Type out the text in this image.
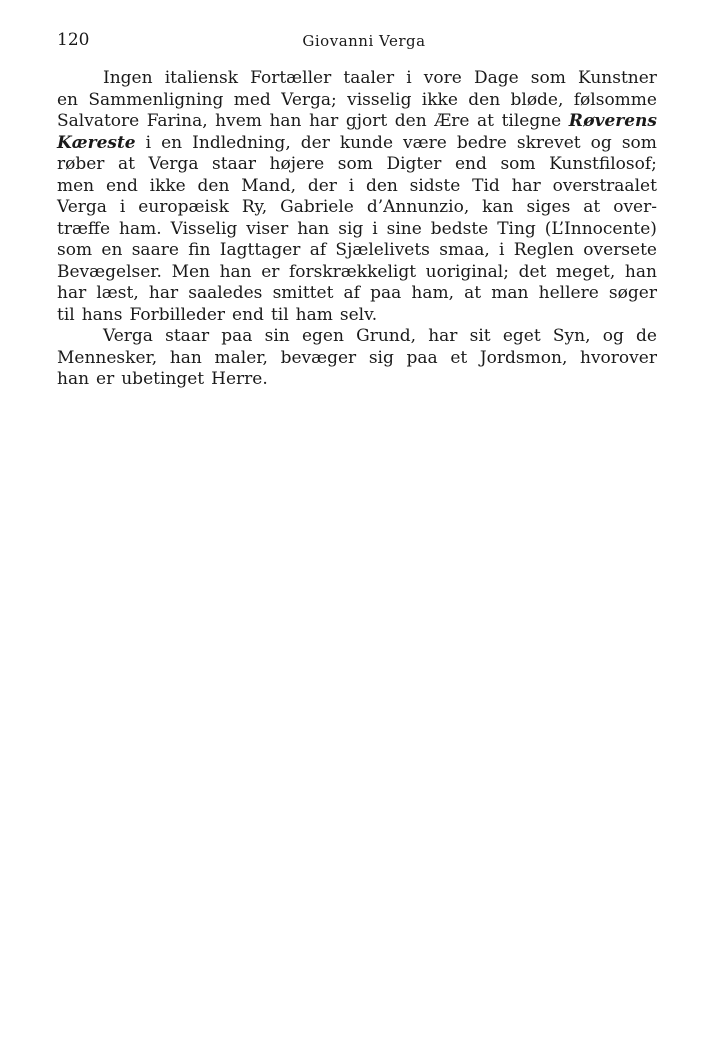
120	Giovanni Verga
Ingen italiensk Fortæller taaler i vore Dage som Kunstner
en Sammenligning med Verga; visselig ikke den bløde, følsomme
Salvatore Farina, hvem han har gjort den Ære at tilegne Røverens
Kæreste i en Indledning, der kunde være bedre skrevet og som
røber at Verga staar højere som Digter end som Kunstfilosof;
men end ikke den Mand, der i den sidste Tid har overstraalet
Verga i europæisk Ry, Gabriele d’Annunzio, kan siges at over-
træffe ham. Visselig viser han sig i sine bedste Ting (L’Innocente)
som en saare fin Iagttager af Sjælelivets smaa, i Reglen oversete
Bevægelser. Men han er forskrækkeligt uoriginal; det meget, han
har læst, har saaledes smittet af paa ham, at man hellere søger
til hans Forbilleder end til ham selv.
Verga staar paa sin egen Grund, har sit eget Syn, og de
Mennesker, han maler, bevæger sig paa et Jordsmon, hvorover
han er ubetinget Herre.
